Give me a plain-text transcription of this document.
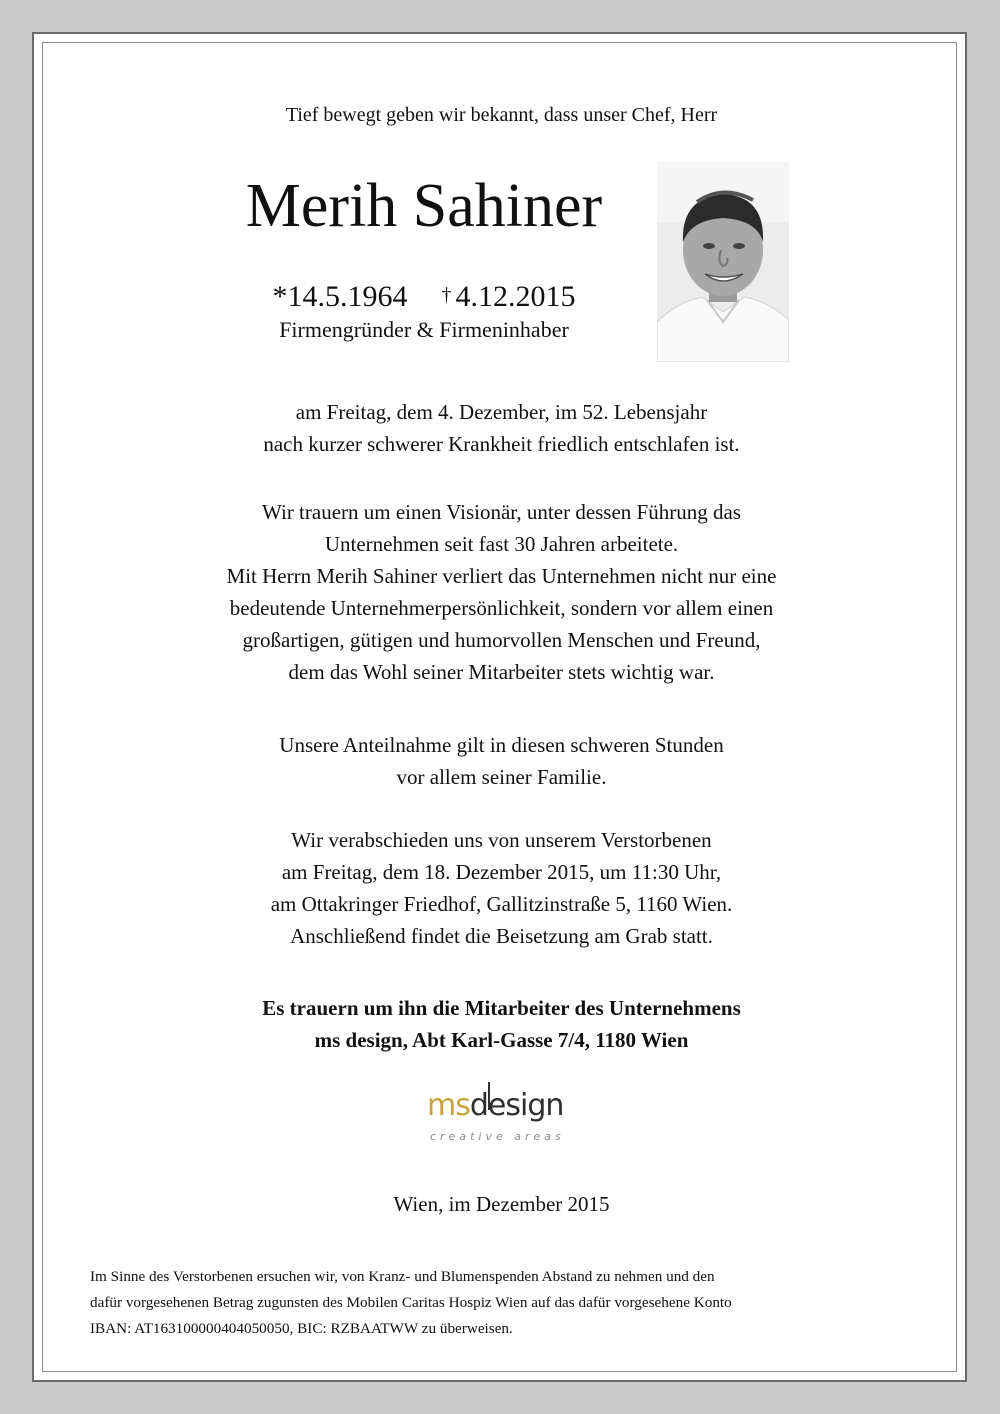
Tief bewegt geben wir bekannt, dass unser Chef, Herr
Merih Sahiner
*14.5.1964 † 4.12.2015
Firmengründer & Firmeninhaber
am Freitag, dem 4. Dezember, im 52. Lebensjahr
nach kurzer schwerer Krankheit friedlich entschlafen ist.
Wir trauern um einen Visionär, unter dessen Führung das
Unternehmen seit fast 30 Jahren arbeitete.
Mit Herrn Merih Sahiner verliert das Unternehmen nicht nur eine
bedeutende Unternehmerpersönlichkeit, sondern vor allem einen
großartigen, gütigen und humorvollen Menschen und Freund,
dem das Wohl seiner Mitarbeiter stets wichtig war.
Unsere Anteilnahme gilt in diesen schweren Stunden
vor allem seiner Familie.
Wir verabschieden uns von unserem Verstorbenen
am Freitag, dem 18. Dezember 2015, um 11:30 Uhr,
am Ottakringer Friedhof, Gallitzinstraße 5, 1160 Wien.
Anschließend findet die Beisetzung am Grab statt.
Es trauern um ihn die Mitarbeiter des Unternehmens
ms design, Abt Karl-Gasse 7/4, 1180 Wien
msdesign
creative areas
Wien, im Dezember 2015
Im Sinne des Verstorbenen ersuchen wir, von Kranz- und Blumenspenden Abstand zu nehmen und den
dafür vorgesehenen Betrag zugunsten des Mobilen Caritas Hospiz Wien auf das dafür vorgesehene Konto
IBAN: AT163100000404050050, BIC: RZBAATWW zu überweisen.
